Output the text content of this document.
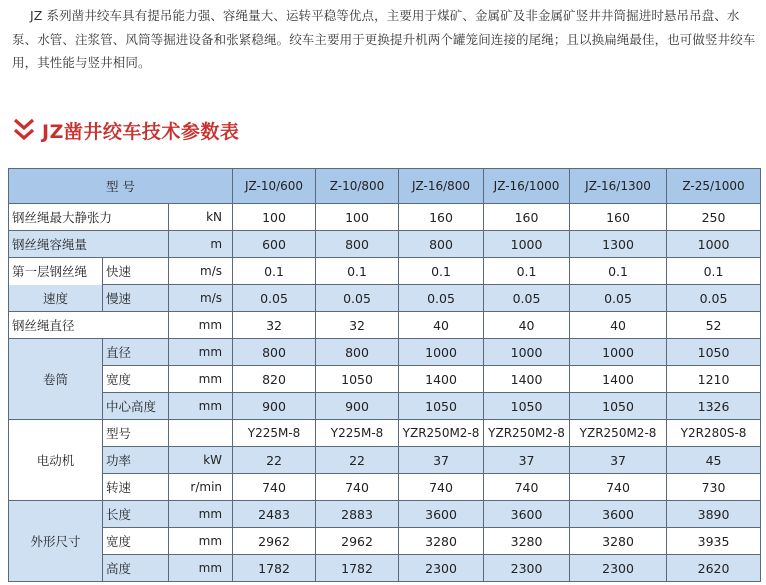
JZ 系列凿井绞车具有提吊能力强、容绳量大、运转平稳等优点，主要用于煤矿、金属矿及非金属矿竖井井筒掘进时悬吊吊盘、水泵、水管、注浆管、风筒等掘进设备和张紧稳绳。绞车主要用于更换提升机两个罐笼间连接的尾绳；且以换扁绳最佳，也可做竖井绞车用，其性能与竖井相同。
JZ凿井绞车技术参数表
型 号			JZ-10/600	Z-10/800	JZ-16/800	JZ-16/1000	JZ-16/1300	Z-25/1000
钢丝绳最大静张力		kN	100	100	160	160	160	250
钢丝绳容绳量		m	600	800	800	1000	1300	1000
第一层钢丝绳	快速	m/s	0.1	0.1	0.1	0.1	0.1	0.1
速度	慢速	m/s	0.05	0.05	0.05	0.05	0.05	0.05
钢丝绳直径		mm	32	32	40	40	40	52
卷筒	直径	mm	800	800	1000	1000	1000	1050
	宽度	mm	820	1050	1400	1400	1400	1210
	中心高度	mm	900	900	1050	1050	1050	1326
电动机	型号		Y225M-8	Y225M-8	YZR250M2-8	YZR250M2-8	YZR250M2-8	Y2R280S-8
	功率	kW	22	22	37	37	37	45
	转速	r/min	740	740	740	740	740	730
外形尺寸	长度	mm	2483	2883	3600	3600	3600	3890
	宽度	mm	2962	2962	3280	3280	3280	3935
	高度	mm	1782	1782	2300	2300	2300	2620
